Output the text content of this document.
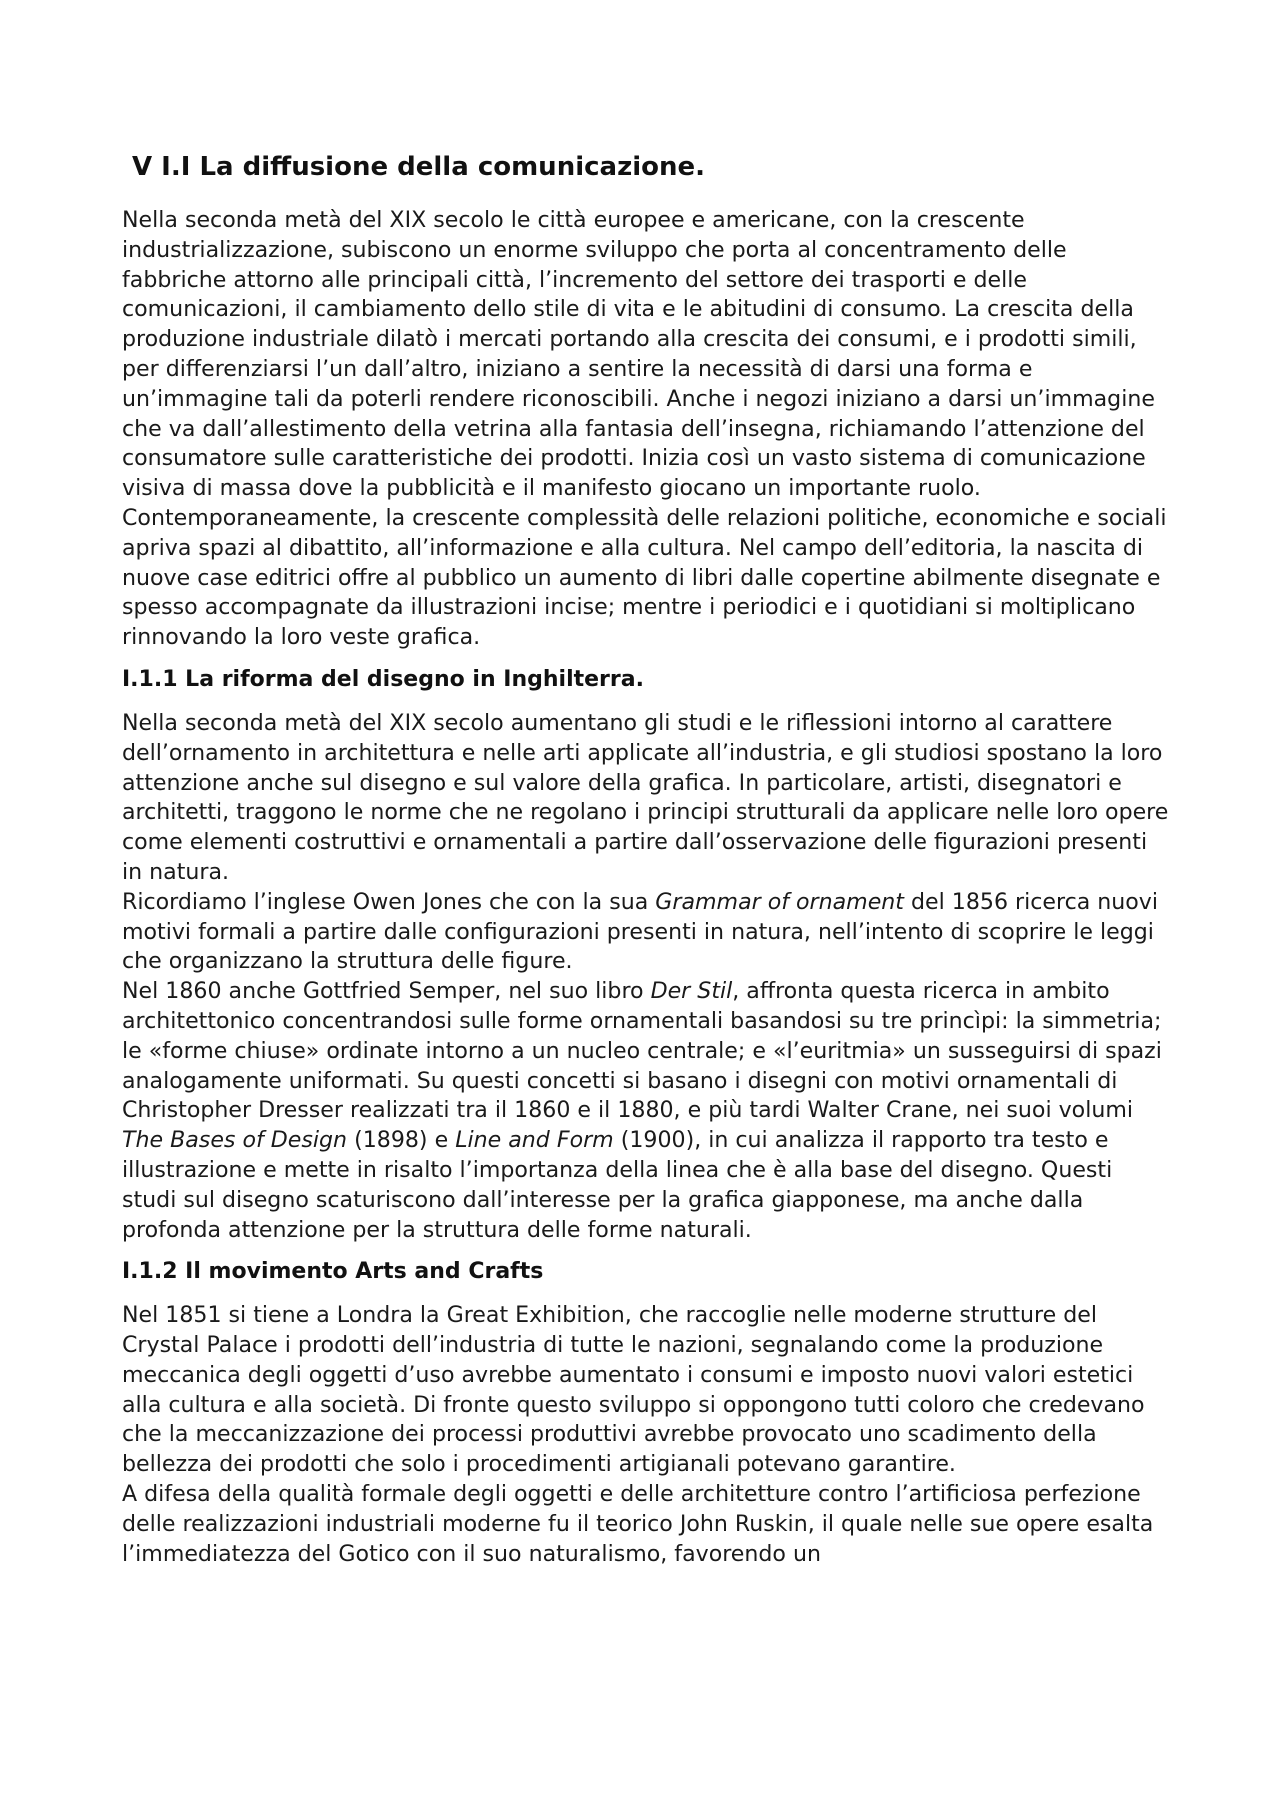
V I.I La diffusione della comunicazione.

Nella seconda metà del XIX secolo le città europee e americane, con la crescente industrializzazione, subiscono un enorme sviluppo che porta al concentramento delle fabbriche attorno alle principali città, l’incremento del settore dei trasporti e delle comunicazioni, il cambiamento dello stile di vita e le abitudini di consumo. La crescita della produzione industriale dilatò i mercati portando alla crescita dei consumi, e i prodotti simili, per differenziarsi l’un dall’altro, iniziano a sentire la necessità di darsi una forma e un’immagine tali da poterli rendere riconoscibili. Anche i negozi iniziano a darsi un’immagine che va dall’allestimento della vetrina alla fantasia dell’insegna, richiamando l’attenzione del consumatore sulle caratteristiche dei prodotti. Inizia così un vasto sistema di comunicazione visiva di massa dove la pubblicità e il manifesto giocano un importante ruolo.

Contemporaneamente, la crescente complessità delle relazioni politiche, economiche e sociali apriva spazi al dibattito, all’informazione e alla cultura. Nel campo dell’editoria, la nascita di nuove case editrici offre al pubblico un aumento di libri dalle copertine abilmente disegnate e spesso accompagnate da illustrazioni incise; mentre i periodici e i quotidiani si moltiplicano rinnovando la loro veste grafica.

I.1.1 La riforma del disegno in Inghilterra.

Nella seconda metà del XIX secolo aumentano gli studi e le riflessioni intorno al carattere dell’ornamento in architettura e nelle arti applicate all’industria, e gli studiosi spostano la loro attenzione anche sul disegno e sul valore della grafica. In particolare, artisti, disegnatori e architetti, traggono le norme che ne regolano i principi strutturali da applicare nelle loro opere come elementi costruttivi e ornamentali a partire dall’osservazione delle figurazioni presenti in natura.

Ricordiamo l’inglese Owen Jones che con la sua Grammar of ornament del 1856 ricerca nuovi motivi formali a partire dalle configurazioni presenti in natura, nell’intento di scoprire le leggi che organizzano la struttura delle figure.

Nel 1860 anche Gottfried Semper, nel suo libro Der Stil, affronta questa ricerca in ambito architettonico concentrandosi sulle forme ornamentali basandosi su tre princìpi: la simmetria; le «forme chiuse» ordinate intorno a un nucleo centrale; e «l’euritmia» un susseguirsi di spazi analogamente uniformati. Su questi concetti si basano i disegni con motivi ornamentali di Christopher Dresser realizzati tra il 1860 e il 1880, e più tardi Walter Crane, nei suoi volumi The Bases of Design (1898) e Line and Form (1900), in cui analizza il rapporto tra testo e illustrazione e mette in risalto l’importanza della linea che è alla base del disegno. Questi studi sul disegno scaturiscono dall’interesse per la grafica giapponese, ma anche dalla profonda attenzione per la struttura delle forme naturali.

I.1.2 Il movimento Arts and Crafts

Nel 1851 si tiene a Londra la Great Exhibition, che raccoglie nelle moderne strutture del Crystal Palace i prodotti dell’industria di tutte le nazioni, segnalando come la produzione meccanica degli oggetti d’uso avrebbe aumentato i consumi e imposto nuovi valori estetici alla cultura e alla società. Di fronte questo sviluppo si oppongono tutti coloro che credevano che la meccanizzazione dei processi produttivi avrebbe provocato uno scadimento della bellezza dei prodotti che solo i procedimenti artigianali potevano garantire.

A difesa della qualità formale degli oggetti e delle architetture contro l’artificiosa perfezione delle realizzazioni industriali moderne fu il teorico John Ruskin, il quale nelle sue opere esalta l’immediatezza del Gotico con il suo naturalismo, favorendo un
